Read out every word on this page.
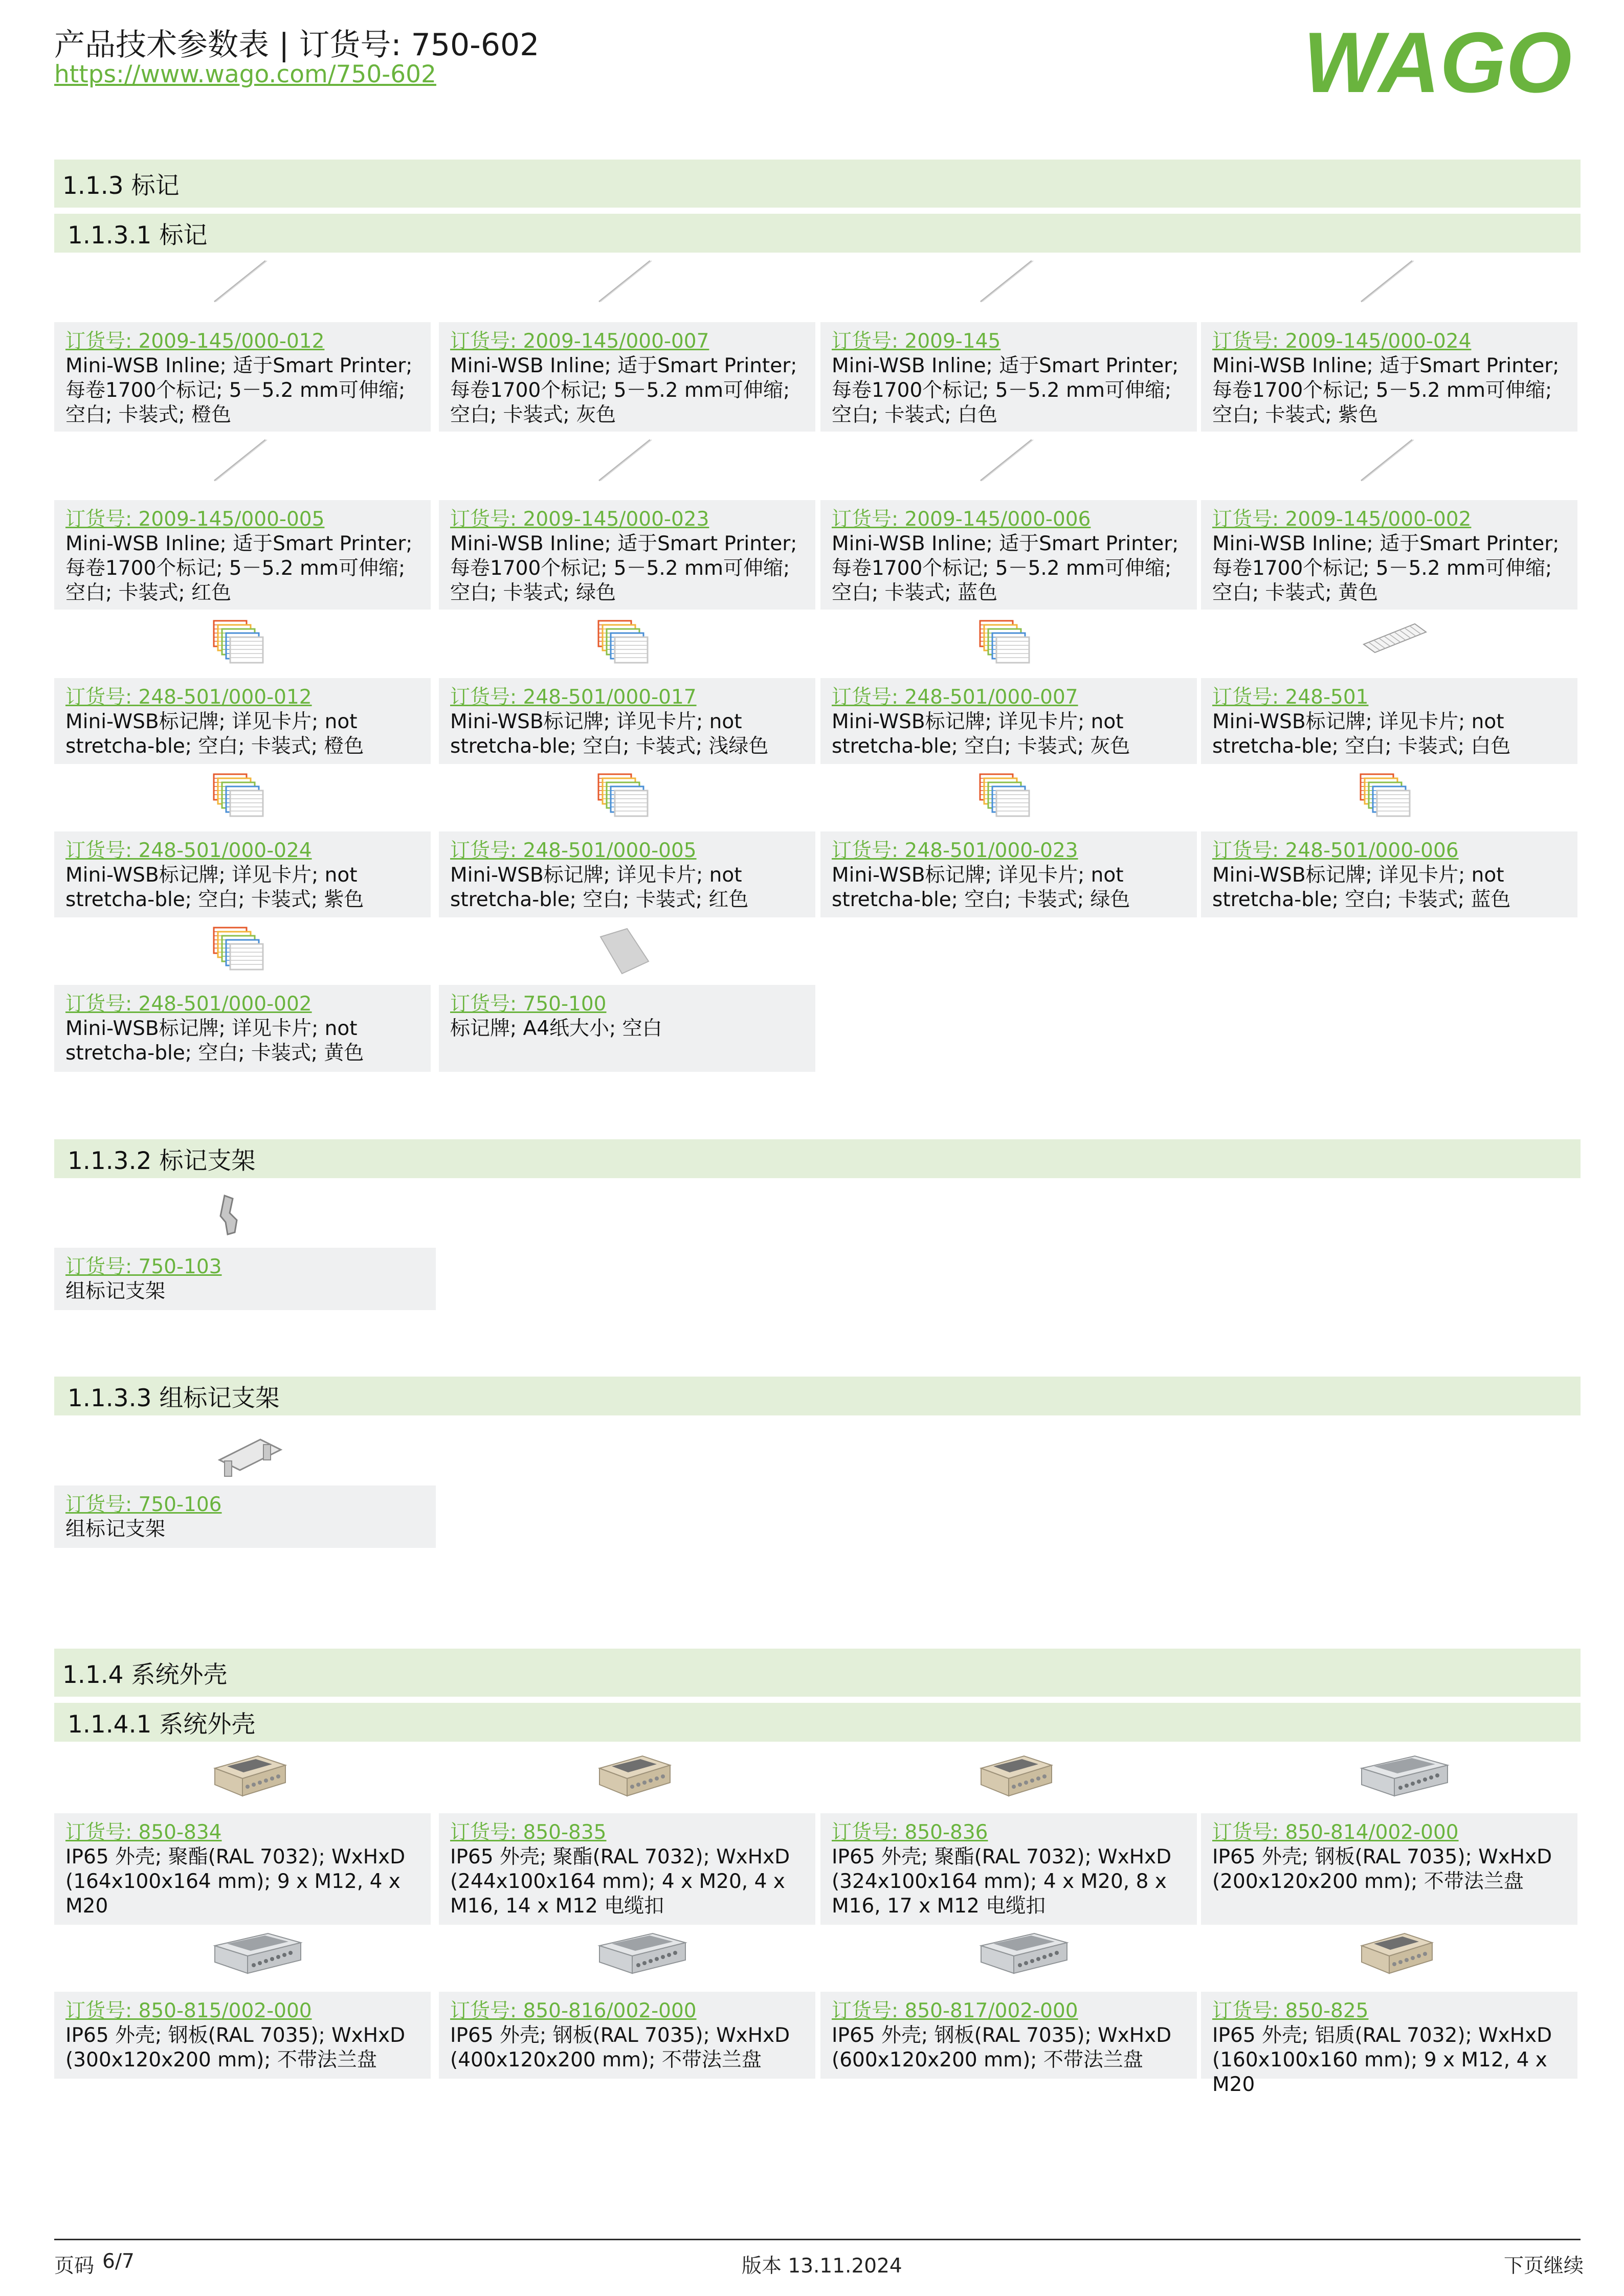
产品技术参数表 | 订货号: 750-602
https://www.wago.com/750-602	WAGO
1.1.3 标记
1.1.3.1 标记
1.1.3.2 标记支架
1.1.3.3 组标记支架
1.1.4 系统外壳
1.1.4.1 系统外壳
订货号: 2009-145/000-012
Mini-WSB Inline; 适于Smart Printer; 每卷1700个标记; 5－5.2 mm可伸缩; 空白; 卡装式; 橙色
订货号: 2009-145/000-007
Mini-WSB Inline; 适于Smart Printer; 每卷1700个标记; 5－5.2 mm可伸缩; 空白; 卡装式; 灰色
订货号: 2009-145
Mini-WSB Inline; 适于Smart Printer; 每卷1700个标记; 5－5.2 mm可伸缩; 空白; 卡装式; 白色
订货号: 2009-145/000-024
Mini-WSB Inline; 适于Smart Printer; 每卷1700个标记; 5－5.2 mm可伸缩; 空白; 卡装式; 紫色
订货号: 2009-145/000-005
Mini-WSB Inline; 适于Smart Printer; 每卷1700个标记; 5－5.2 mm可伸缩; 空白; 卡装式; 红色
订货号: 2009-145/000-023
Mini-WSB Inline; 适于Smart Printer; 每卷1700个标记; 5－5.2 mm可伸缩; 空白; 卡装式; 绿色
订货号: 2009-145/000-006
Mini-WSB Inline; 适于Smart Printer; 每卷1700个标记; 5－5.2 mm可伸缩; 空白; 卡装式; 蓝色
订货号: 2009-145/000-002
Mini-WSB Inline; 适于Smart Printer; 每卷1700个标记; 5－5.2 mm可伸缩; 空白; 卡装式; 黄色
订货号: 248-501/000-012
Mini-WSB标记牌; 详见卡片; not stretcha-ble; 空白; 卡装式; 橙色
订货号: 248-501/000-017
Mini-WSB标记牌; 详见卡片; not stretcha-ble; 空白; 卡装式; 浅绿色
订货号: 248-501/000-007
Mini-WSB标记牌; 详见卡片; not stretcha-ble; 空白; 卡装式; 灰色
订货号: 248-501
Mini-WSB标记牌; 详见卡片; not stretcha-ble; 空白; 卡装式; 白色
订货号: 248-501/000-024
Mini-WSB标记牌; 详见卡片; not stretcha-ble; 空白; 卡装式; 紫色
订货号: 248-501/000-005
Mini-WSB标记牌; 详见卡片; not stretcha-ble; 空白; 卡装式; 红色
订货号: 248-501/000-023
Mini-WSB标记牌; 详见卡片; not stretcha-ble; 空白; 卡装式; 绿色
订货号: 248-501/000-006
Mini-WSB标记牌; 详见卡片; not stretcha-ble; 空白; 卡装式; 蓝色
订货号: 248-501/000-002
Mini-WSB标记牌; 详见卡片; not stretcha-ble; 空白; 卡装式; 黄色
订货号: 750-100
标记牌; A4纸大小; 空白
订货号: 750-103
组标记支架
订货号: 750-106
组标记支架
订货号: 850-834
IP65 外壳; 聚酯(RAL 7032); WxHxD (164x100x164 mm); 9 x M12, 4 x M20
订货号: 850-835
IP65 外壳; 聚酯(RAL 7032); WxHxD (244x100x164 mm); 4 x M20, 4 x M16, 14 x M12 电缆扣
订货号: 850-836
IP65 外壳; 聚酯(RAL 7032); WxHxD (324x100x164 mm); 4 x M20, 8 x M16, 17 x M12 电缆扣
订货号: 850-814/002-000
IP65 外壳; 钢板(RAL 7035); WxHxD (200x120x200 mm); 不带法兰盘
订货号: 850-815/002-000
IP65 外壳; 钢板(RAL 7035); WxHxD (300x120x200 mm); 不带法兰盘
订货号: 850-816/002-000
IP65 外壳; 钢板(RAL 7035); WxHxD (400x120x200 mm); 不带法兰盘
订货号: 850-817/002-000
IP65 外壳; 钢板(RAL 7035); WxHxD (600x120x200 mm); 不带法兰盘
订货号: 850-825
IP65 外壳; 铝质(RAL 7032); WxHxD (160x100x160 mm); 9 x M12, 4 x M20
页码 6/7	版本 13.11.2024	下页继续
